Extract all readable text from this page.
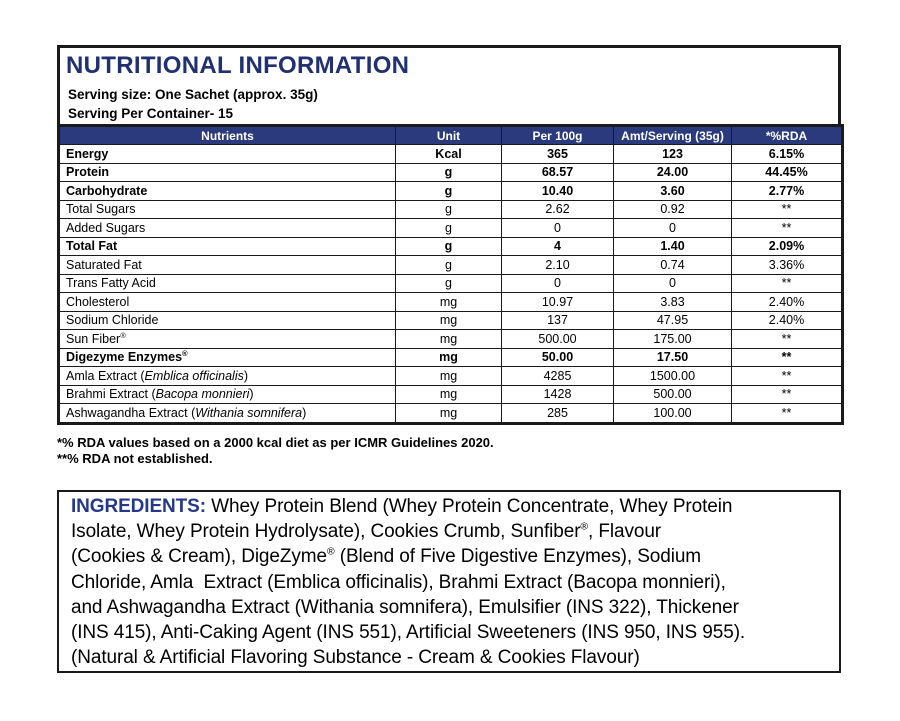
NUTRITIONAL INFORMATION
Serving size: One Sachet (approx. 35g)
Serving Per Container- 15
Nutrients	Unit	Per 100g	Amt/Serving (35g)	*%RDA
Energy	Kcal	365	123	6.15%
Protein	g	68.57	24.00	44.45%
Carbohydrate	g	10.40	3.60	2.77%
Total Sugars	g	2.62	0.92	**
Added Sugars	g	0	0	**
Total Fat	g	4	1.40	2.09%
Saturated Fat	g	2.10	0.74	3.36%
Trans Fatty Acid	g	0	0	**
Cholesterol	mg	10.97	3.83	2.40%
Sodium Chloride	mg	137	47.95	2.40%
Sun Fiber®	mg	500.00	175.00	**
Digezyme Enzymes®	mg	50.00	17.50	**
Amla Extract (Emblica officinalis)	mg	4285	1500.00	**
Brahmi Extract (Bacopa monnieri)	mg	1428	500.00	**
Ashwagandha Extract (Withania somnifera)	mg	285	100.00	**
*% RDA values based on a 2000 kcal diet as per ICMR Guidelines 2020.
**% RDA not established.
INGREDIENTS: Whey Protein Blend (Whey Protein Concentrate, Whey Protein
Isolate, Whey Protein Hydrolysate), Cookies Crumb, Sunfiber®, Flavour
(Cookies & Cream), DigeZyme® (Blend of Five Digestive Enzymes), Sodium
Chloride, Amla  Extract (Emblica officinalis), Brahmi Extract (Bacopa monnieri),
and Ashwagandha Extract (Withania somnifera), Emulsifier (INS 322), Thickener
(INS 415), Anti-Caking Agent (INS 551), Artificial Sweeteners (INS 950, INS 955).
(Natural & Artificial Flavoring Substance - Cream & Cookies Flavour)
